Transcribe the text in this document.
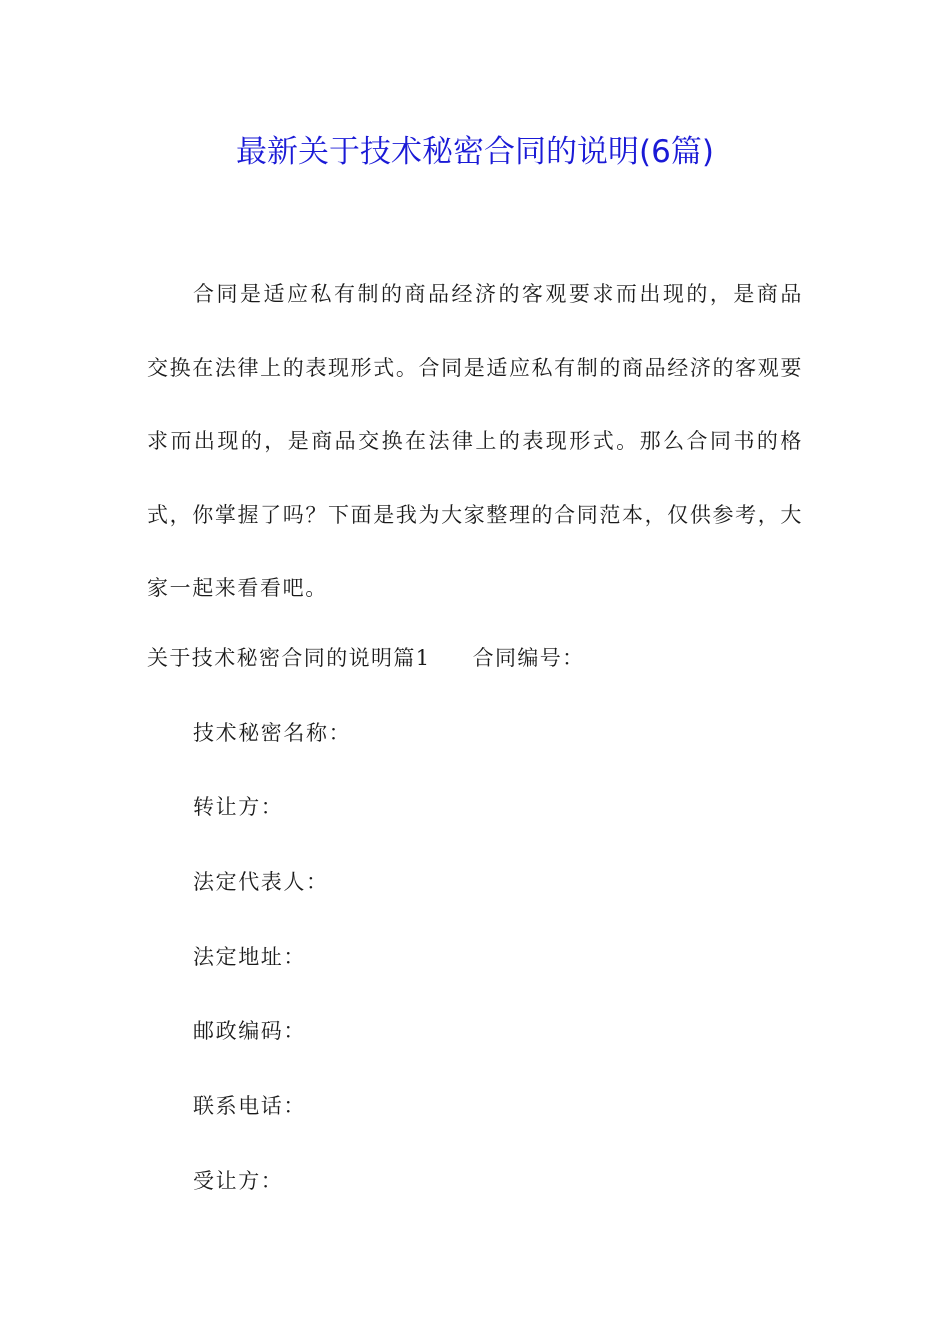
最新关于技术秘密合同的说明(6篇)

合同是适应私有制的商品经济的客观要求而出现的，是商品交换在法律上的表现形式。合同是适应私有制的商品经济的客观要求而出现的，是商品交换在法律上的表现形式。那么合同书的格式，你掌握了吗？下面是我为大家整理的合同范本，仅供参考，大家一起来看看吧。

关于技术秘密合同的说明篇1 合同编号：

技术秘密名称：

转让方：

法定代表人：

法定地址：

邮政编码：

联系电话：

受让方：
